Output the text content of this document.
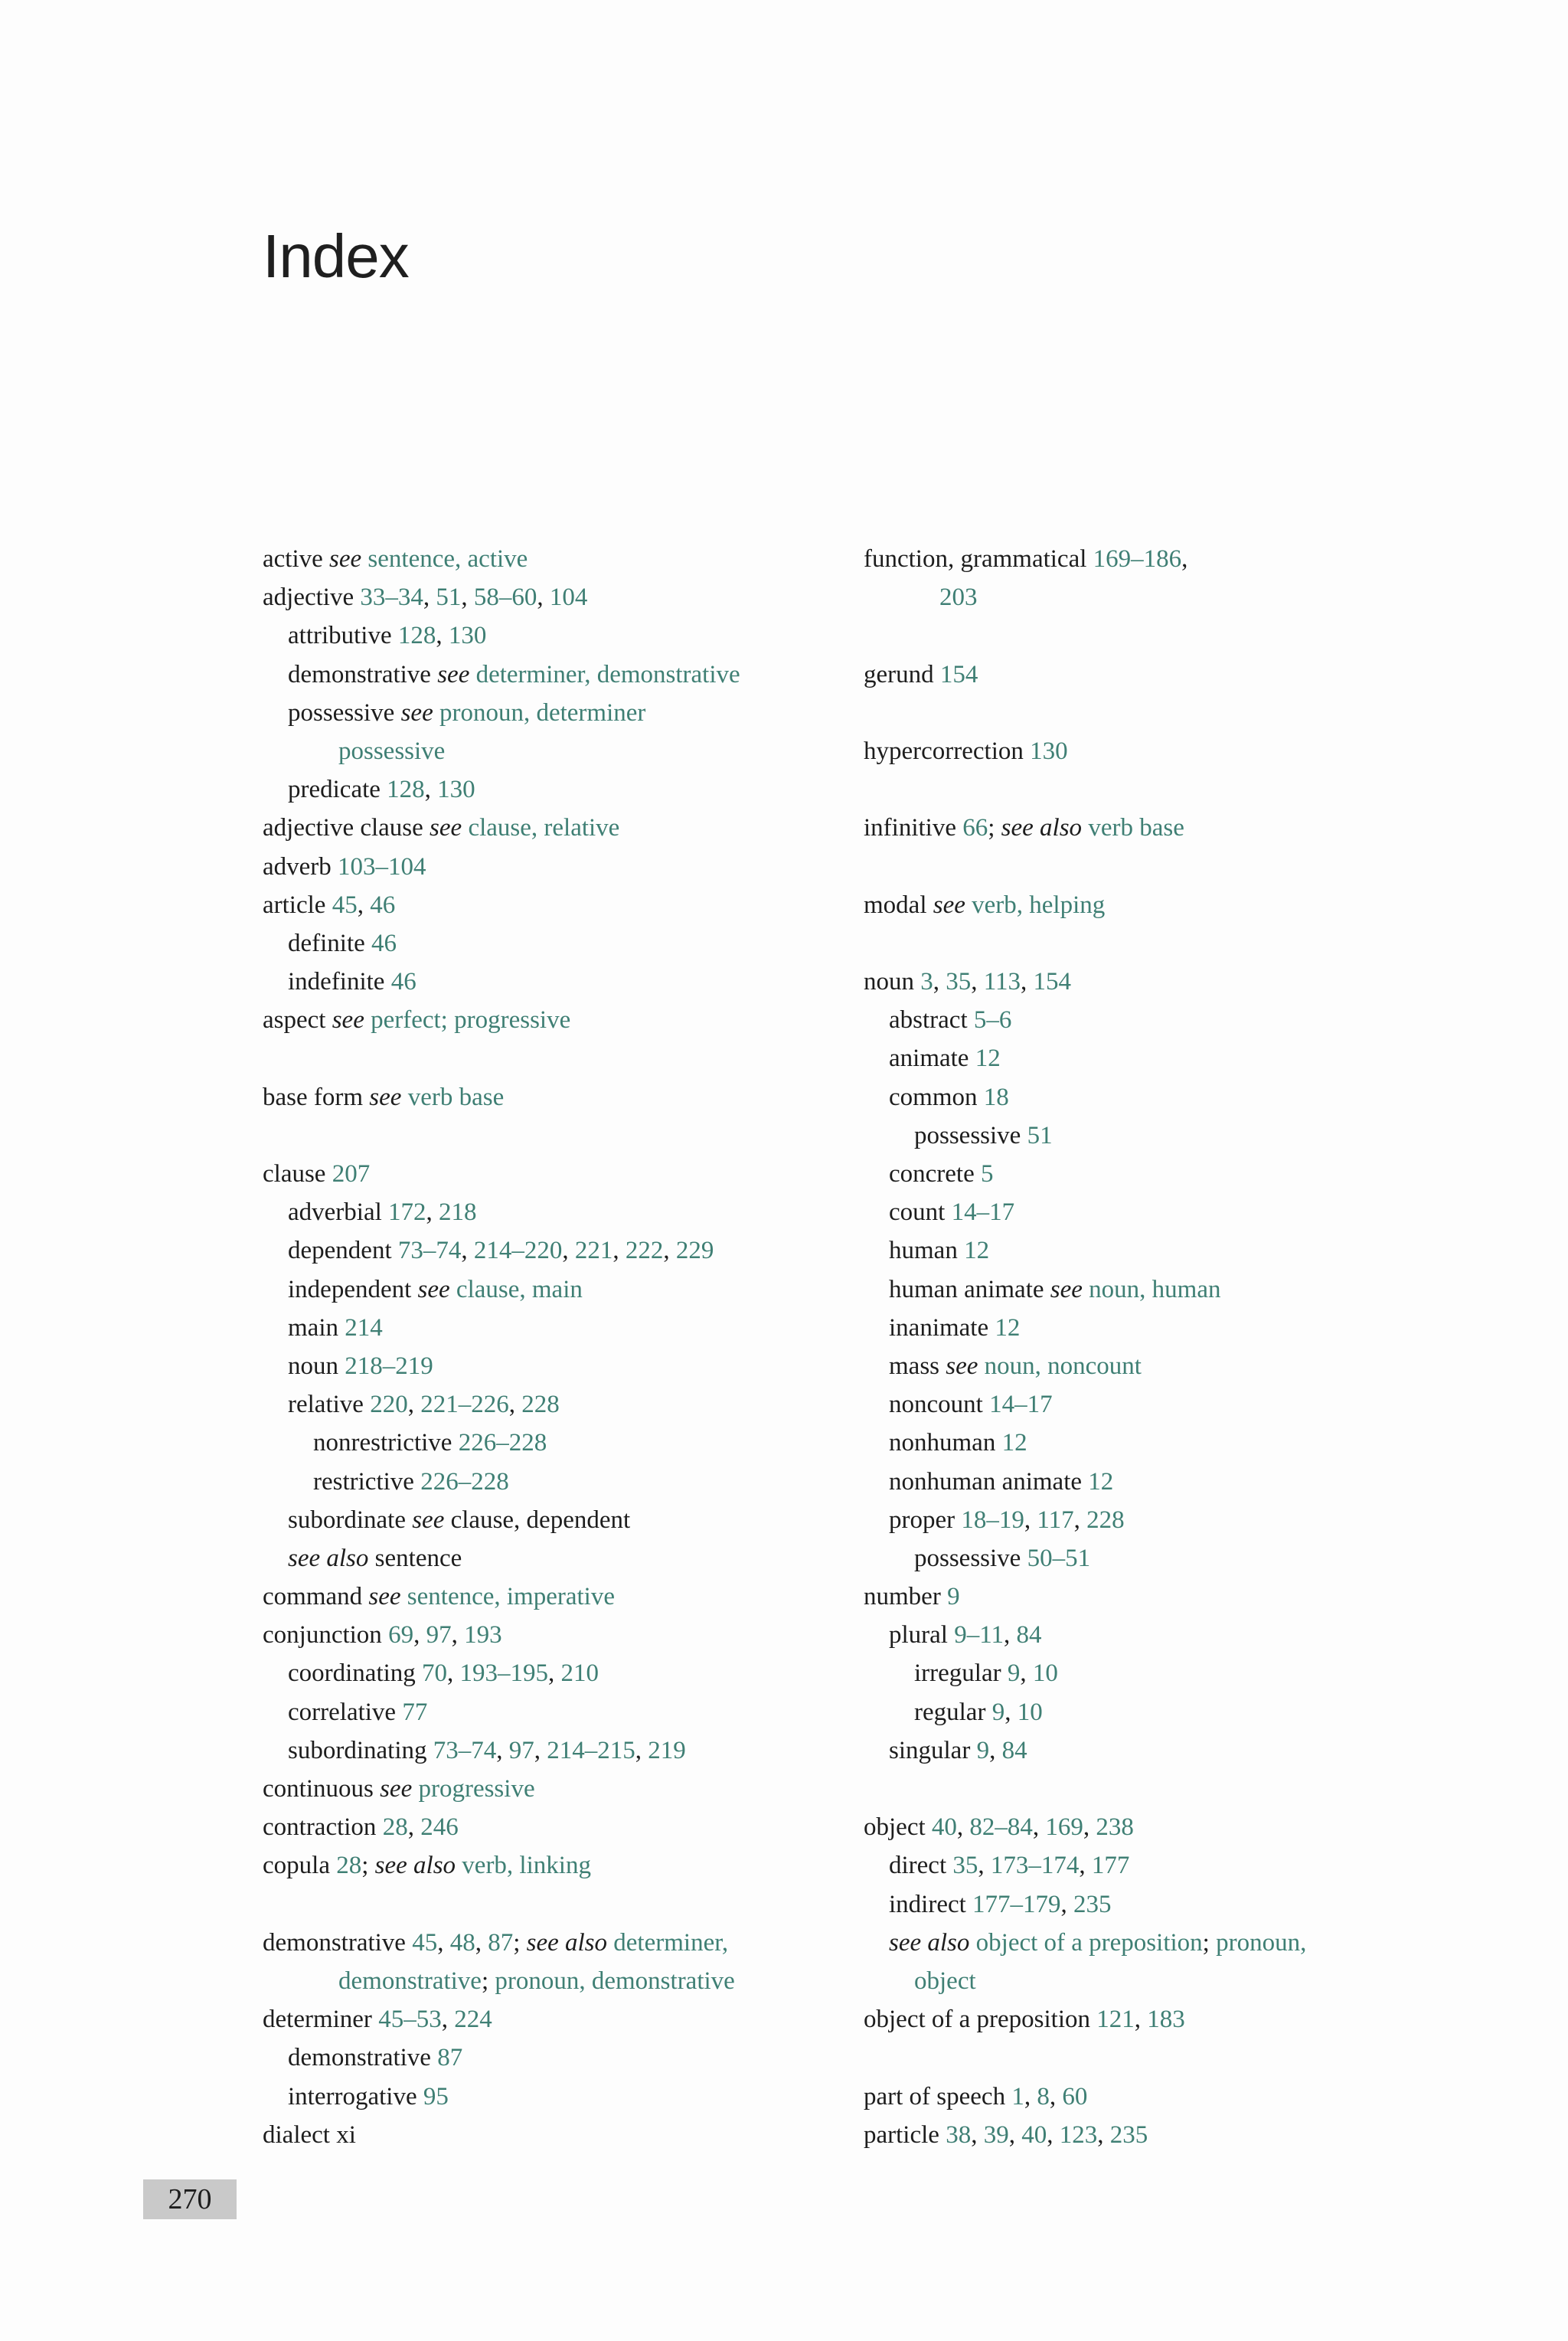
Index
active see sentence, active
adjective 33–34, 51, 58–60, 104
attributive 128, 130
demonstrative see determiner, demonstrative
possessive see pronoun, determiner
possessive
predicate 128, 130
adjective clause see clause, relative
adverb 103–104
article 45, 46
definite 46
indefinite 46
aspect see perfect; progressive
base form see verb base
clause 207
adverbial 172, 218
dependent 73–74, 214–220, 221, 222, 229
independent see clause, main
main 214
noun 218–219
relative 220, 221–226, 228
nonrestrictive 226–228
restrictive 226–228
subordinate see clause, dependent
see also sentence
command see sentence, imperative
conjunction 69, 97, 193
coordinating 70, 193–195, 210
correlative 77
subordinating 73–74, 97, 214–215, 219
continuous see progressive
contraction 28, 246
copula 28; see also verb, linking
demonstrative 45, 48, 87; see also determiner,
demonstrative; pronoun, demonstrative
determiner 45–53, 224
demonstrative 87
interrogative 95
dialect xi
function, grammatical 169–186,
203
gerund 154
hypercorrection 130
infinitive 66; see also verb base
modal see verb, helping
noun 3, 35, 113, 154
abstract 5–6
animate 12
common 18
possessive 51
concrete 5
count 14–17
human 12
human animate see noun, human
inanimate 12
mass see noun, noncount
noncount 14–17
nonhuman 12
nonhuman animate 12
proper 18–19, 117, 228
possessive 50–51
number 9
plural 9–11, 84
irregular 9, 10
regular 9, 10
singular 9, 84
object 40, 82–84, 169, 238
direct 35, 173–174, 177
indirect 177–179, 235
see also object of a preposition; pronoun,
object
object of a preposition 121, 183
part of speech 1, 8, 60
particle 38, 39, 40, 123, 235
270
